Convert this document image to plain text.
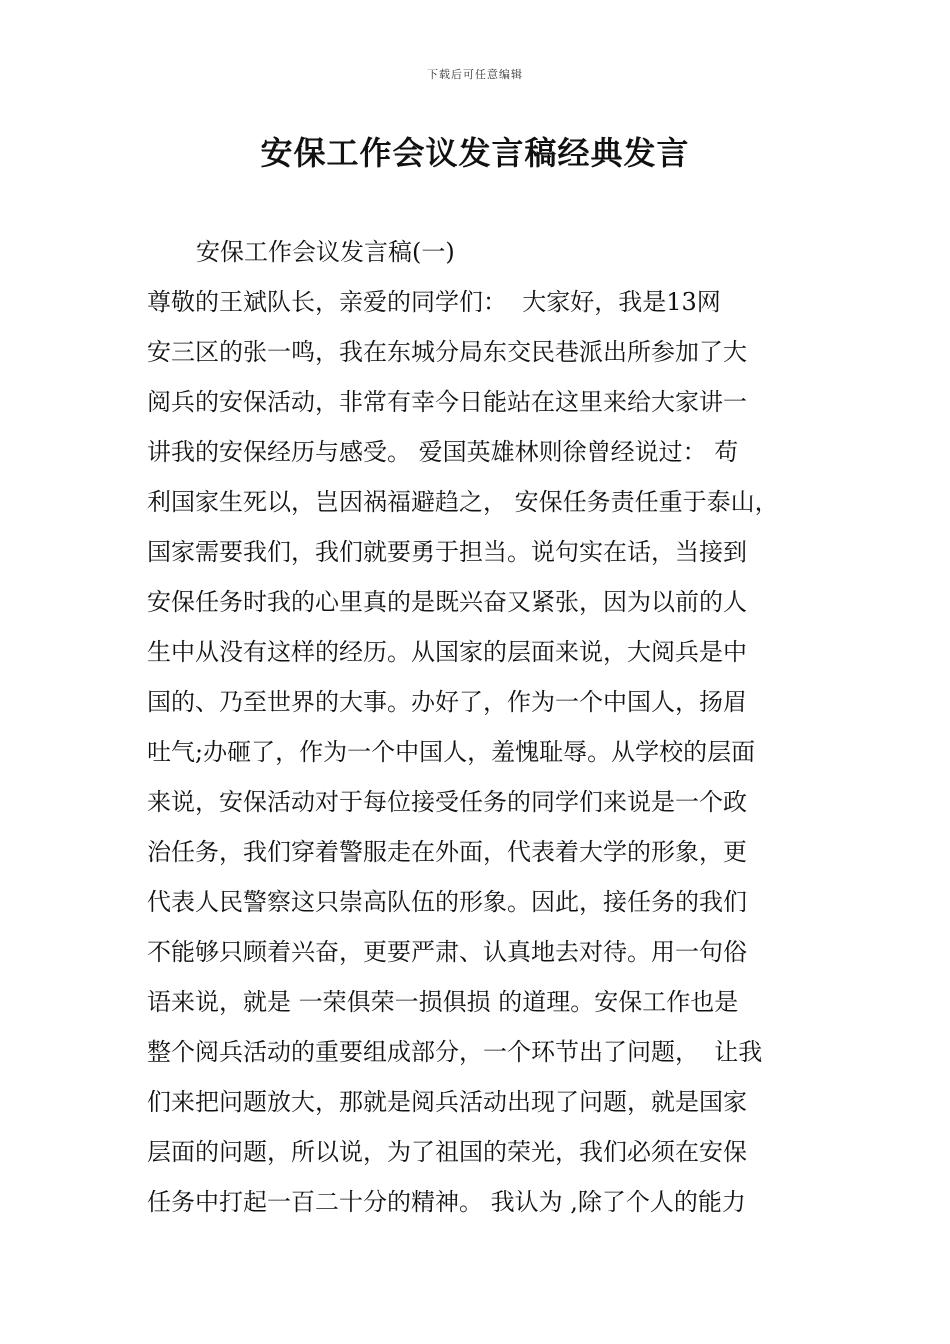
下载后可任意编辑
安保工作会议发言稿经典发言
安保工作会议发言稿(一)
尊敬的王斌队长，亲爱的同学们：  大家好，我是13网
安三区的张一鸣，我在东城分局东交民巷派出所参加了大
阅兵的安保活动，非常有幸今日能站在这里来给大家讲一
讲我的安保经历与感受。 爱国英雄林则徐曾经说过： 苟
利国家生死以，岂因祸福避趋之， 安保任务责任重于泰山，
国家需要我们，我们就要勇于担当。说句实在话，当接到
安保任务时我的心里真的是既兴奋又紧张，因为以前的人
生中从没有这样的经历。从国家的层面来说，大阅兵是中
国的、乃至世界的大事。办好了，作为一个中国人，扬眉
吐气;办砸了，作为一个中国人，羞愧耻辱。从学校的层面
来说，安保活动对于每位接受任务的同学们来说是一个政
治任务，我们穿着警服走在外面，代表着大学的形象，更
代表人民警察这只崇高队伍的形象。因此，接任务的我们
不能够只顾着兴奋，更要严肃、认真地去对待。用一句俗
语来说，就是 一荣俱荣一损俱损 的道理。安保工作也是
整个阅兵活动的重要组成部分，一个环节出了问题，  让我
们来把问题放大，那就是阅兵活动出现了问题，就是国家
层面的问题，所以说，为了祖国的荣光，我们必须在安保
任务中打起一百二十分的精神。 我认为 ,除了个人的能力
